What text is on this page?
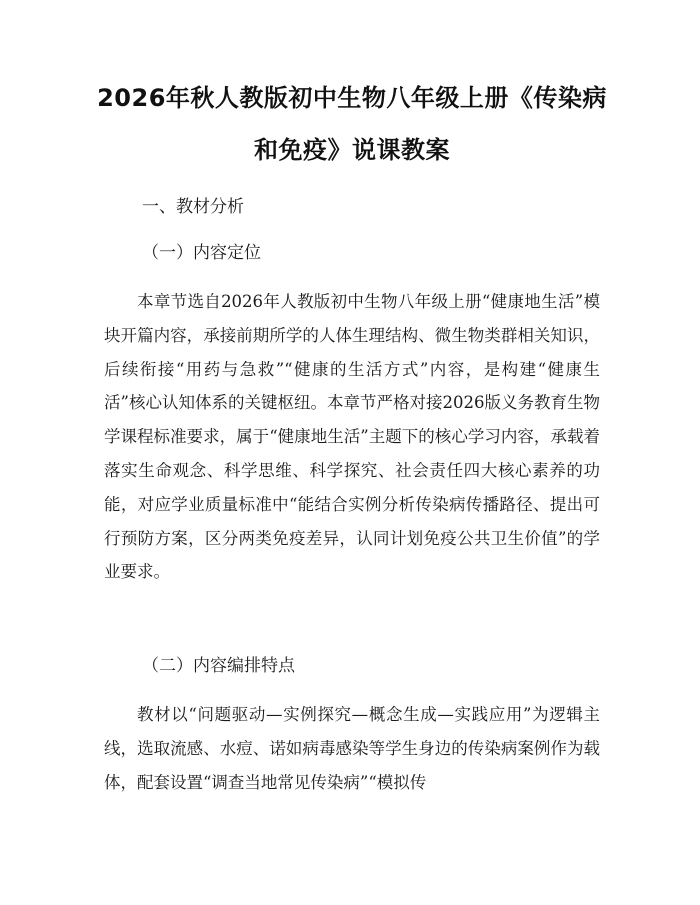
2026年秋人教版初中生物八年级上册《传染病和免疫》说课教案

一、教材分析

（一）内容定位

本章节选自2026年人教版初中生物八年级上册“健康地生活”模块开篇内容，承接前期所学的人体生理结构、微生物类群相关知识，后续衔接“用药与急救”“健康的生活方式”内容，是构建“健康生活”核心认知体系的关键枢纽。本章节严格对接2026版义务教育生物学课程标准要求，属于“健康地生活”主题下的核心学习内容，承载着落实生命观念、科学思维、科学探究、社会责任四大核心素养的功能，对应学业质量标准中“能结合实例分析传染病传播路径、提出可行预防方案，区分两类免疫差异，认同计划免疫公共卫生价值”的学业要求。

（二）内容编排特点

教材以“问题驱动—实例探究—概念生成—实践应用”为逻辑主线，选取流感、水痘、诺如病毒感染等学生身边的传染病案例作为载体，配套设置“调查当地常见传染病”“模拟传
